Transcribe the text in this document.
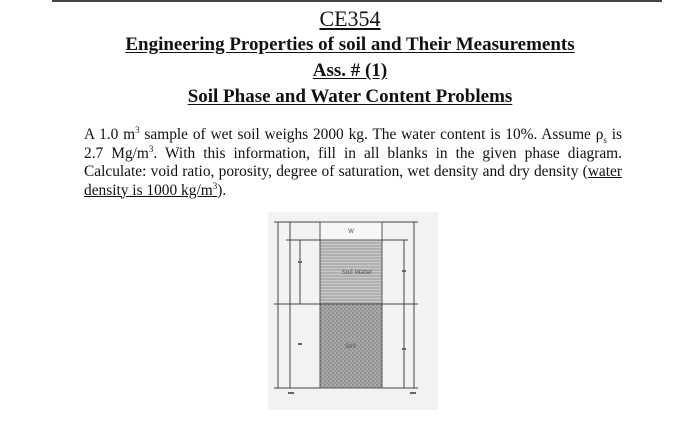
CE354
Engineering Properties of soil and Their Measurements
Ass. # (1)
Soil Phase and Water Content Problems
A 1.0 $m^3$ sample of wet soil weighs 2000 kg. The water content is 10%. Assume $\rho_s$ is 2.7 $Mg/m^3$. With this information, fill in all blanks in the given phase diagram. Calculate: void ratio, porosity, degree of saturation, wet density and dry density (water density is 1000 $kg/m^3$).
W
Soil Water
Soil
